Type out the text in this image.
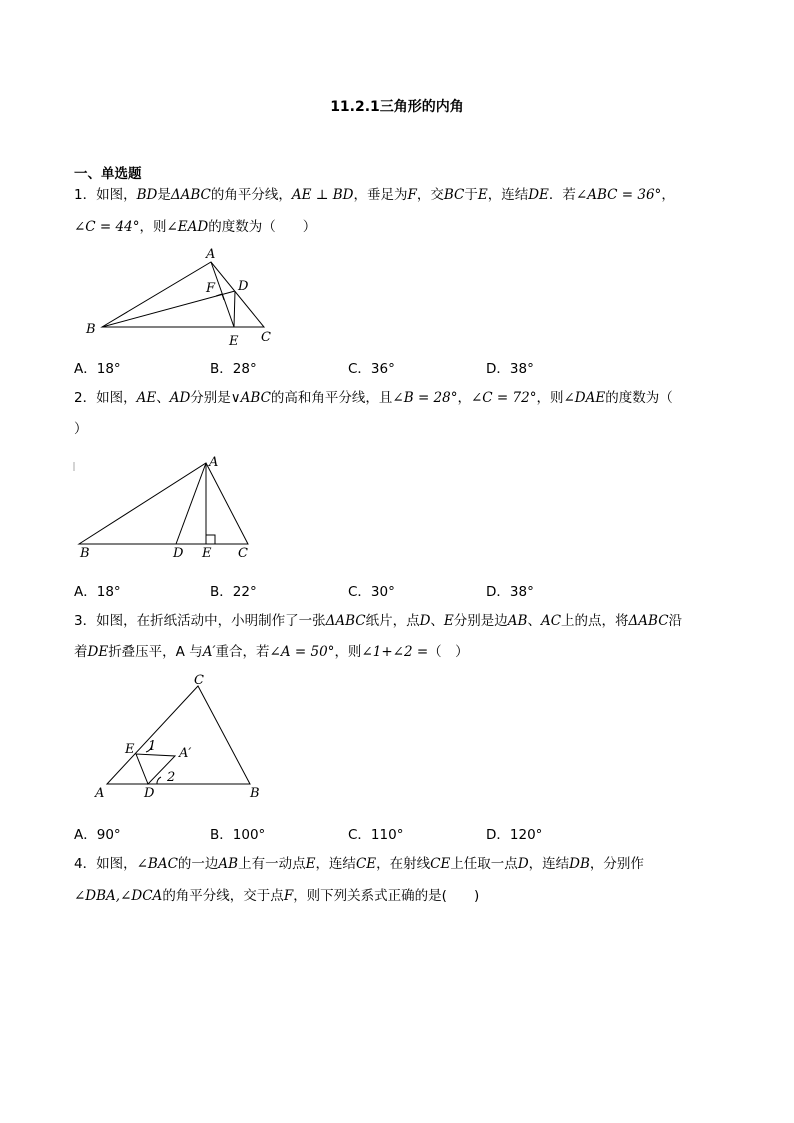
11.2.1三角形的内角
一、单选题
1．如图，BD是ΔABC的角平分线，AE ⊥ BD，垂足为F，交BC于E，连结DE．若∠ABC = 36°，
∠C = 44°，则∠EAD的度数为（　　）
A
B
C
D
E
F
A
B	C
D E
C
E 1 A′
2
A	D	B
A．18°	B．28°	C．36°	D．38°
2．如图，AE、AD分别是∨ABC的高和角平分线，且∠B = 28°，∠C = 72°，则∠DAE的度数为（
）
A．18°	B．22°	C．30°	D．38°
3．如图，在折纸活动中，小明制作了一张ΔABC纸片，点D、E分别是边AB、AC上的点，将ΔABC沿
着DE折叠压平，A 与A′重合，若∠A = 50°，则∠1+∠2 =（　）
A．90°	B．100°	C．110°	D．120°
4．如图，∠BAC的一边AB上有一动点E，连结CE，在射线CE上任取一点D，连结DB，分别作
∠DBA,∠DCA的角平分线，交于点F，则下列关系式正确的是(　　)
